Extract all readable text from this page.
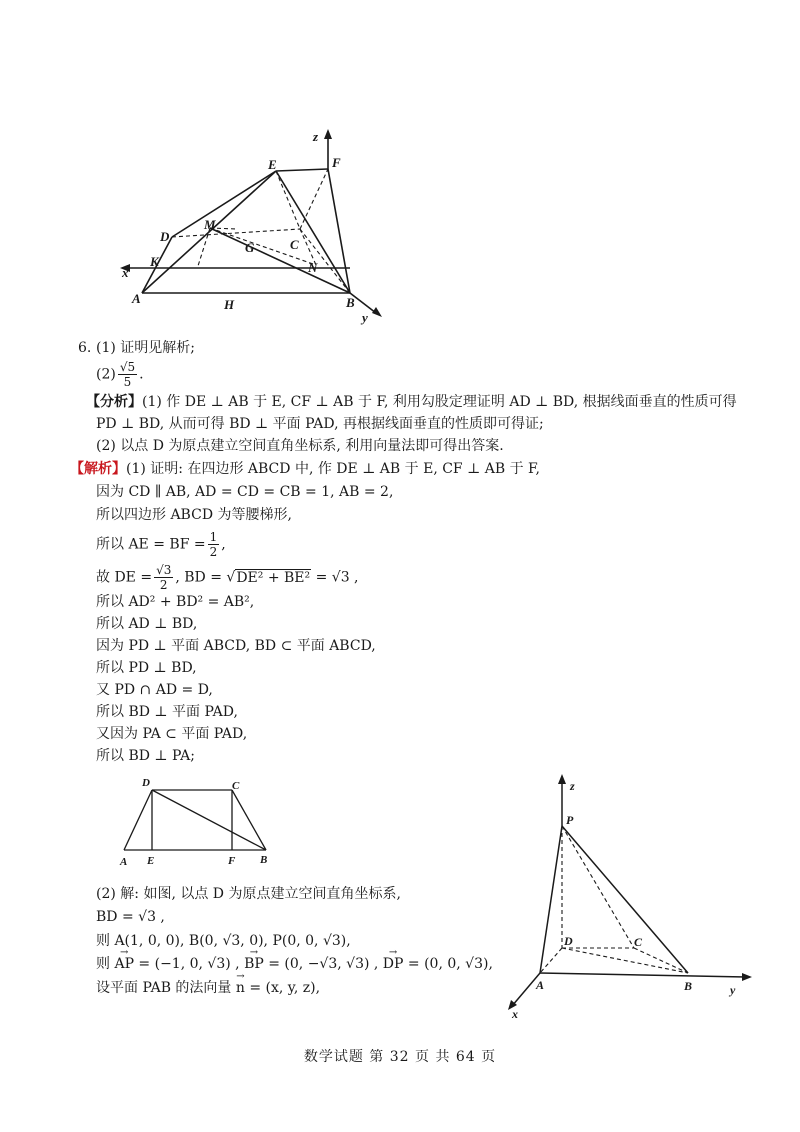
z
E	F
M
D
G	C
K	N
x
A	H	B
y
6. (1) 证明见解析;
$(2) \frac{√5}{5}$ .
【分析】(1) 作 DE ⊥ AB 于 E, CF ⊥ AB 于 F, 利用勾股定理证明 AD ⊥ BD, 根据线面垂直的性质可得
PD ⊥ BD, 从而可得 BD ⊥ 平面 PAD, 再根据线面垂直的性质即可得证;
(2) 以点 D 为原点建立空间直角坐标系, 利用向量法即可得出答案.
【解析】(1) 证明: 在四边形 ABCD 中, 作 DE ⊥ AB 于 E, CF ⊥ AB 于 F,
因为 CD ∥ AB, AD = CD = CB = 1, AB = 2,
所以四边形 ABCD 为等腰梯形,
所以 AE = BF = $\frac{1}{2}$ ,
故 DE = $\frac{√3}{2}$ , BD = √DE² + BE² = √3 ,
所以 AD² + BD² = AB²,
所以 AD ⊥ BD,
因为 PD ⊥ 平面 ABCD, BD ⊂ 平面 ABCD,
所以 PD ⊥ BD,
又 PD ∩ AD = D,
所以 BD ⊥ 平面 PAD,
又因为 PA ⊂ 平面 PAD,
所以 BD ⊥ PA;
D	C
A E	F B
z
P
D	C
A	B	y
x
(2) 解: 如图, 以点 D 为原点建立空间直角坐标系,
BD = √3 ,
则 A(1, 0, 0), B(0, √3, 0), P(0, 0, √3),
则 → AP = (−1, 0, √3) , → BP = (0, −√3, √3) , → DP = (0, 0, √3),
设平面 PAB 的法向量 → n = (x, y, z),
数学试题 第 32 页 共 64 页
